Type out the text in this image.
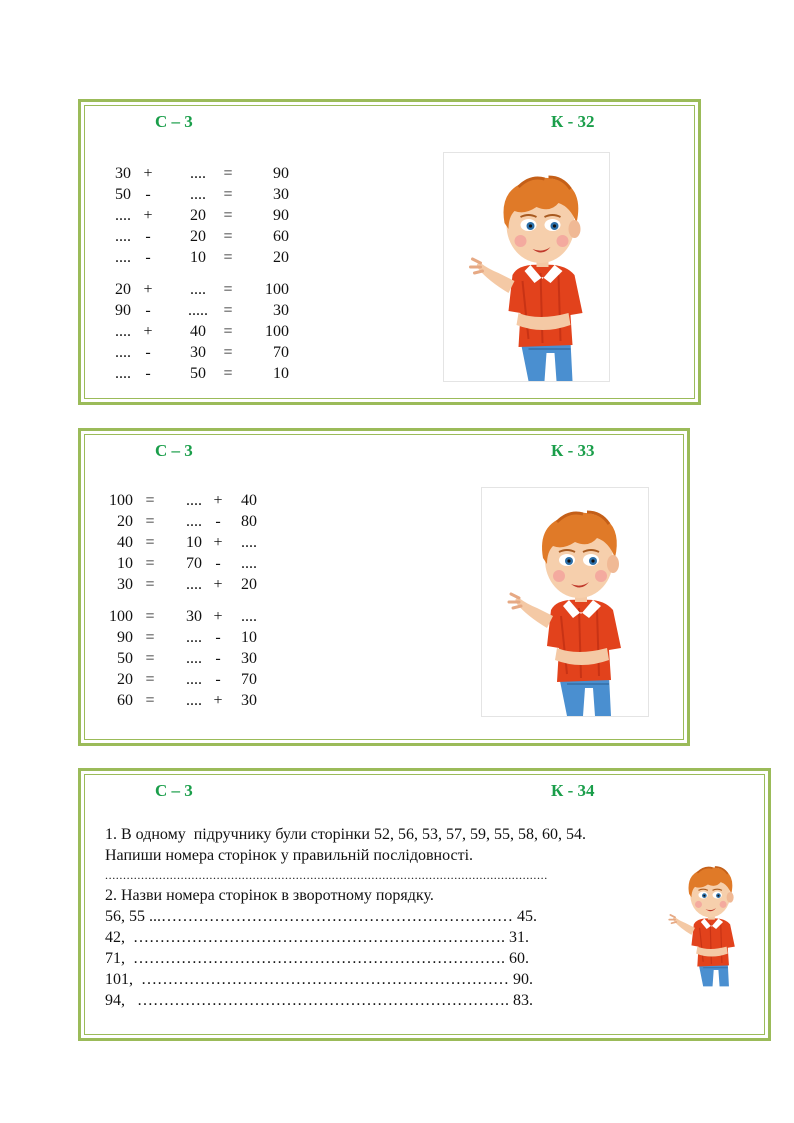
С – 3	К - 32
30 +	....	=	90
50 -	....	=	30
.... +	20	=	90
.... -	20	=	60
.... -	10	=	20
20 +	....	=	100
90 -	..... =	30
.... +	40	=	100
.... -	30	=	70
.... -	50	=	10
С – 3	К - 33
100 =	.... + 40
20 =	.... - 80
40 =	10 + ....
10 =	70 - ....
30 =	.... + 20
100 =	30 + ....
90 =	.... - 10
50 =	.... - 30
20 =	.... - 70
60 =	.... + 30
С – 3	К - 34
1. В одному  підручнику були сторінки 52, 56, 53, 57, 59, 55, 58, 60, 54.
Напиши номера сторінок у правильній послідовності.
...........................................................................................................................
2. Назви номера сторінок в зворотному порядку.
56, 55 ...………………………………………………………… 45.
42,  ……………………………………………………………. 31.
71,  ……………………………………………………………. 60.
101,  …………………………………………………………… 90.
94,   ……………………………………………………………. 83.
